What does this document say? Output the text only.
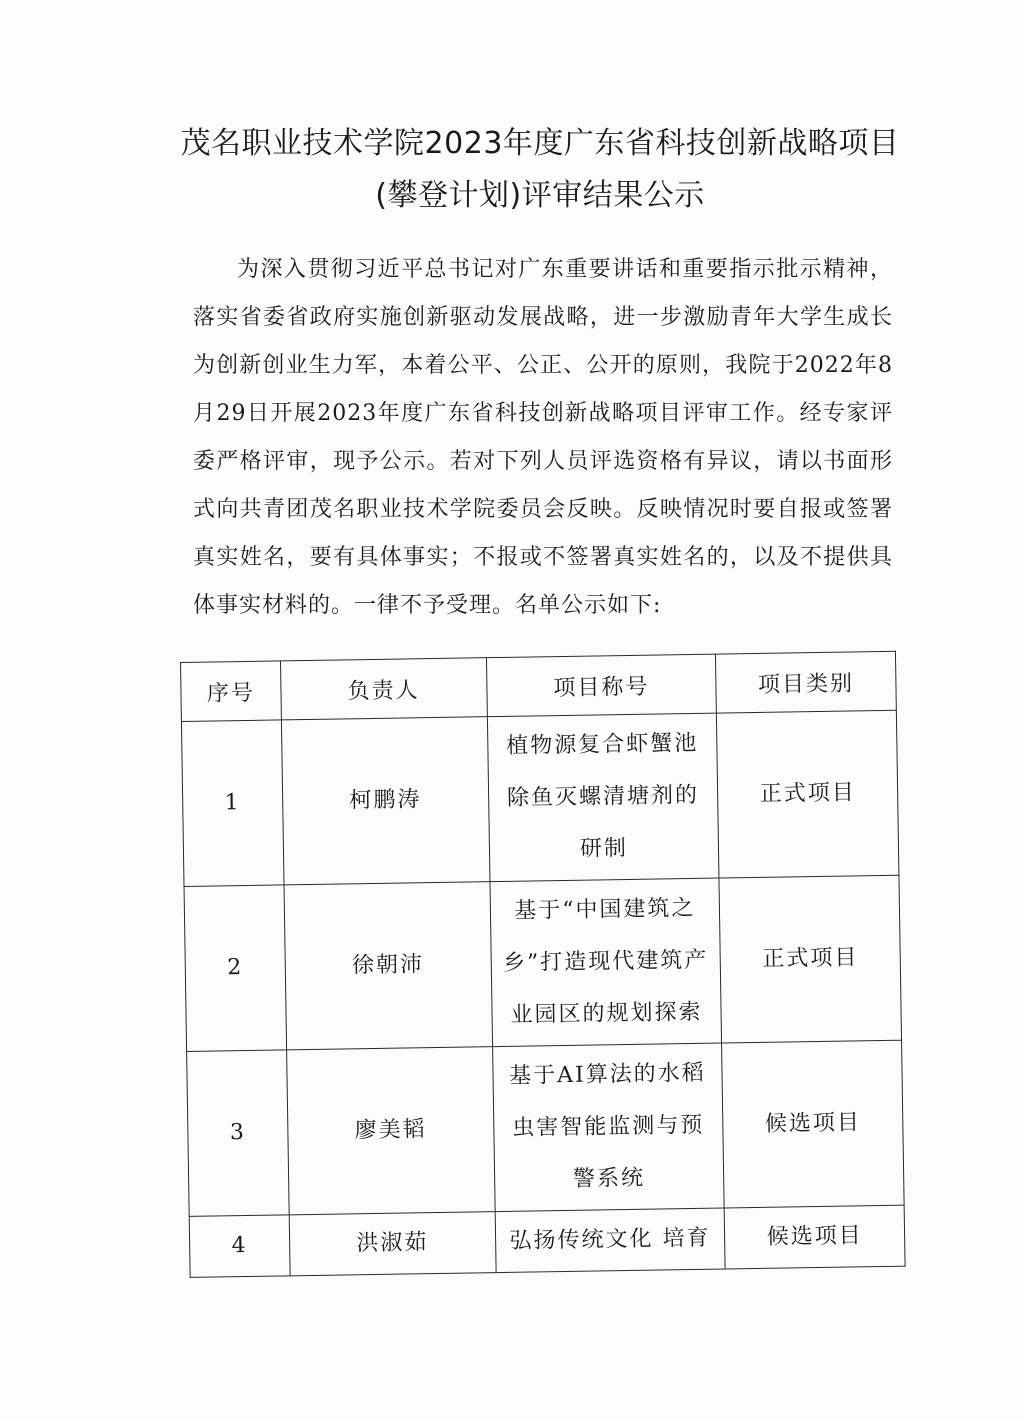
茂名职业技术学院2023年度广东省科技创新战略项目(攀登计划)评审结果公示

为深入贯彻习近平总书记对广东重要讲话和重要指示批示精神，落实省委省政府实施创新驱动发展战略，进一步激励青年大学生成长为创新创业生力军，本着公平、公正、公开的原则，我院于2022年8月29日开展2023年度广东省科技创新战略项目评审工作。经专家评委严格评审，现予公示。若对下列人员评选资格有异议，请以书面形式向共青团茂名职业技术学院委员会反映。反映情况时要自报或签署真实姓名，要有具体事实；不报或不签署真实姓名的，以及不提供具体事实材料的。一律不予受理。名单公示如下:

序号	负责人	项目称号	项目类别
1	柯鹏涛	植物源复合虾蟹池除鱼灭螺清塘剂的研制	正式项目
2	徐朝沛	基于“中国建筑之乡”打造现代建筑产业园区的规划探索	正式项目
3	廖美韬	基于AI算法的水稻虫害智能监测与预警系统	候选项目
4	洪淑茹	弘扬传统文化 培育	候选项目
